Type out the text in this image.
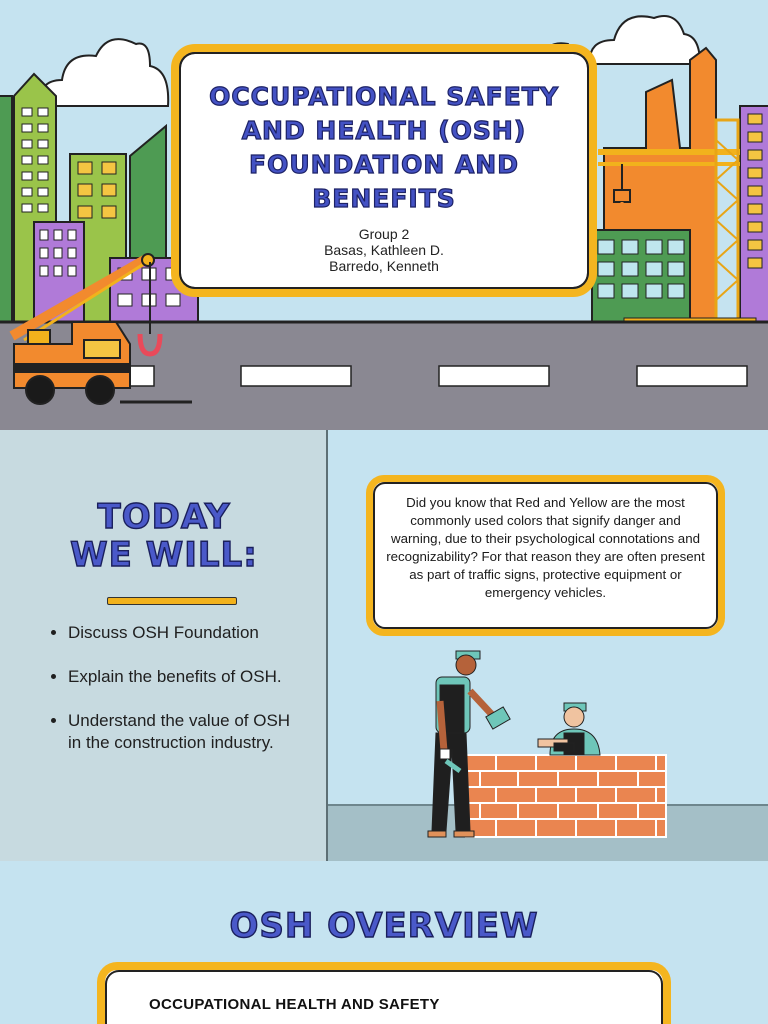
OCCUPATIONAL SAFETY AND HEALTH (OSH) FOUNDATION AND BENEFITS
Group 2
Basas, Kathleen D.
Barredo, Kenneth
TODAY
WE WILL:
• Discuss OSH Foundation
• Explain the benefits of OSH.
• Understand the value of OSH in the construction industry.
Did you know that Red and Yellow are the most commonly used colors that signify danger and warning, due to their psychological connotations and recognizability? For that reason they are often present as part of traffic signs, protective equipment or emergency vehicles.
OSH OVERVIEW
OCCUPATIONAL HEALTH AND SAFETY
